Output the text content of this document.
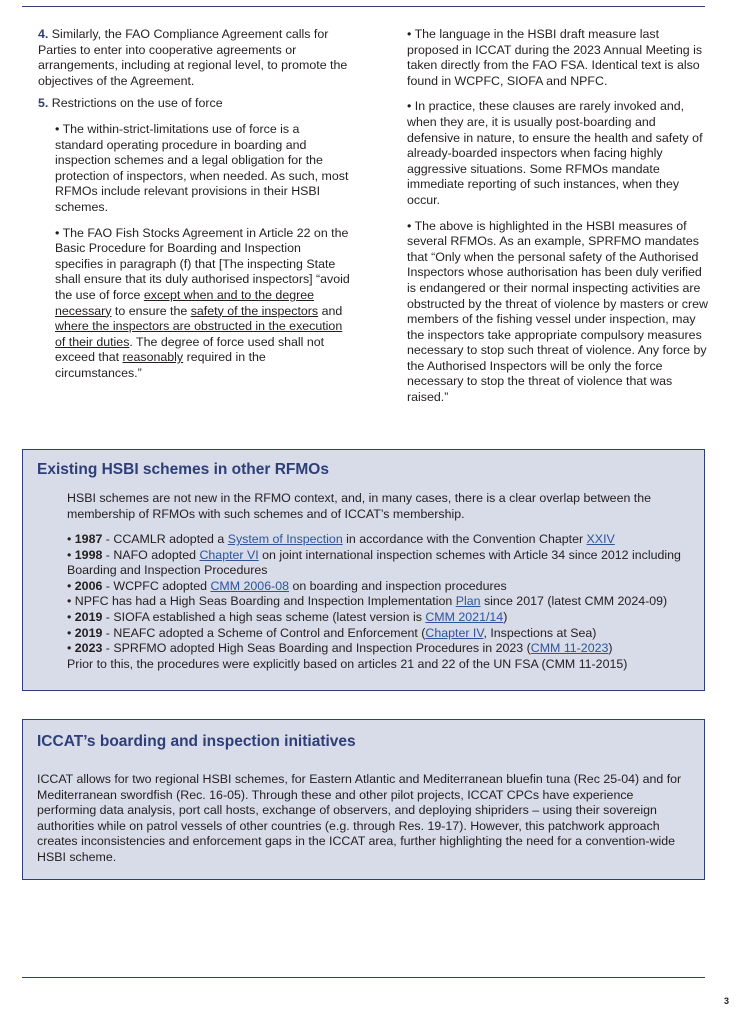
4. Similarly, the FAO Compliance Agreement calls for Parties to enter into cooperative agreements or arrangements, including at regional level, to promote the objectives of the Agreement.

5. Restrictions on the use of force

• The within-strict-limitations use of force is a standard operating procedure in boarding and inspection schemes and a legal obligation for the protection of inspectors, when needed. As such, most RFMOs include relevant provisions in their HSBI schemes.

• The FAO Fish Stocks Agreement in Article 22 on the Basic Procedure for Boarding and Inspection specifies in paragraph (f) that [The inspecting State shall ensure that its duly authorised inspectors] “avoid the use of force except when and to the degree necessary to ensure the safety of the inspectors and where the inspectors are obstructed in the execution of their duties. The degree of force used shall not exceed that reasonably required in the circumstances.”

• The language in the HSBI draft measure last proposed in ICCAT during the 2023 Annual Meeting is taken directly from the FAO FSA. Identical text is also found in WCPFC, SIOFA and NPFC.

• In practice, these clauses are rarely invoked and, when they are, it is usually post-boarding and defensive in nature, to ensure the health and safety of already-boarded inspectors when facing highly aggressive situations. Some RFMOs mandate immediate reporting of such instances, when they occur.

• The above is highlighted in the HSBI measures of several RFMOs. As an example, SPRFMO mandates that “Only when the personal safety of the Authorised Inspectors whose authorisation has been duly verified is endangered or their normal inspecting activities are obstructed by the threat of violence by masters or crew members of the fishing vessel under inspection, may the inspectors take appropriate compulsory measures necessary to stop such threat of violence. Any force by the Authorised Inspectors will be only the force necessary to stop the threat of violence that was raised.”

Existing HSBI schemes in other RFMOs

HSBI schemes are not new in the RFMO context, and, in many cases, there is a clear overlap between the membership of RFMOs with such schemes and of ICCAT’s membership.

• 1987 - CCAMLR adopted a System of Inspection in accordance with the Convention Chapter XXIV
• 1998 - NAFO adopted Chapter VI on joint international inspection schemes with Article 34 since 2012 including Boarding and Inspection Procedures
• 2006 - WCPFC adopted CMM 2006-08 on boarding and inspection procedures
• NPFC has had a High Seas Boarding and Inspection Implementation Plan since 2017 (latest CMM 2024-09)
• 2019 - SIOFA established a high seas scheme (latest version is CMM 2021/14)
• 2019 - NEAFC adopted a Scheme of Control and Enforcement (Chapter IV, Inspections at Sea)
• 2023 - SPRFMO adopted High Seas Boarding and Inspection Procedures in 2023 (CMM 11-2023)
Prior to this, the procedures were explicitly based on articles 21 and 22 of the UN FSA (CMM 11-2015)
ICCAT’s boarding and inspection initiatives

ICCAT allows for two regional HSBI schemes, for Eastern Atlantic and Mediterranean bluefin tuna (Rec 25-04) and for Mediterranean swordfish (Rec. 16-05). Through these and other pilot projects, ICCAT CPCs have experience performing data analysis, port call hosts, exchange of observers, and deploying shipriders – using their sovereign authorities while on patrol vessels of other countries (e.g. through Res. 19-17). However, this patchwork approach creates inconsistencies and enforcement gaps in the ICCAT area, further highlighting the need for a convention-wide HSBI scheme.

3
